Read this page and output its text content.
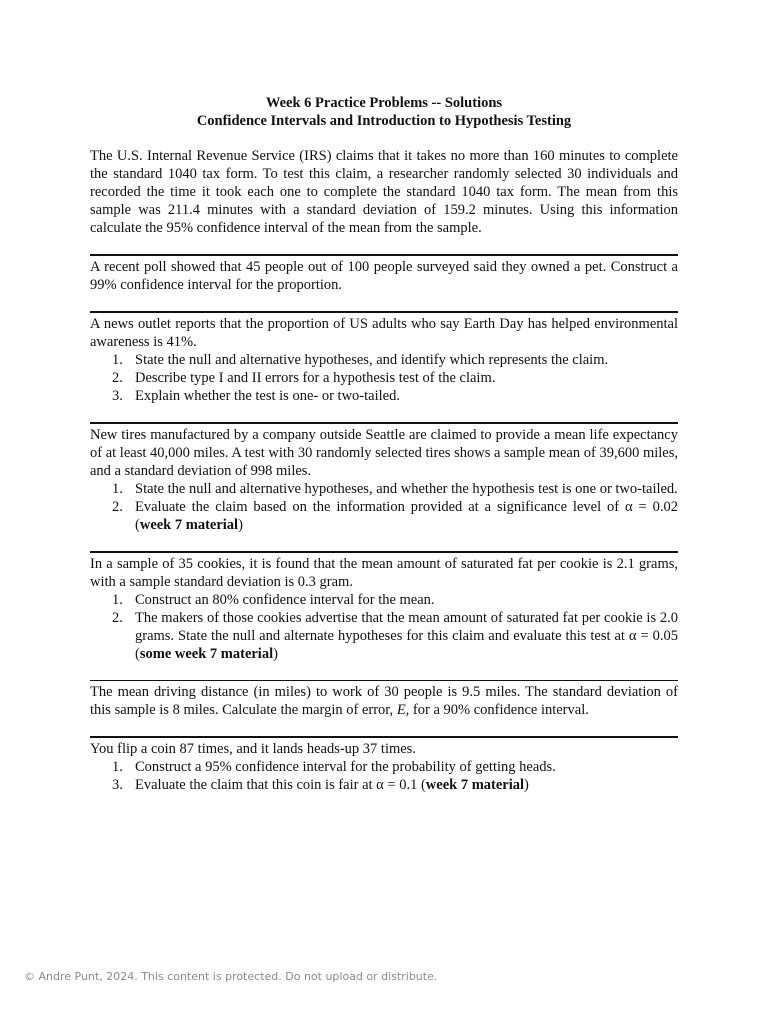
Week 6 Practice Problems -- Solutions

Confidence Intervals and Introduction to Hypothesis Testing

The U.S. Internal Revenue Service (IRS) claims that it takes no more than 160 minutes to complete the standard 1040 tax form. To test this claim, a researcher randomly selected 30 individuals and recorded the time it took each one to complete the standard 1040 tax form. The mean from this sample was 211.4 minutes with a standard deviation of 159.2 minutes. Using this information calculate the 95% confidence interval of the mean from the sample.

A recent poll showed that 45 people out of 100 people surveyed said they owned a pet. Construct a 99% confidence interval for the proportion.

A news outlet reports that the proportion of US adults who say Earth Day has helped environmental awareness is 41%.

1. State the null and alternative hypotheses, and identify which represents the claim.
2. Describe type I and II errors for a hypothesis test of the claim.
3. Explain whether the test is one- or two-tailed.

New tires manufactured by a company outside Seattle are claimed to provide a mean life expectancy of at least 40,000 miles. A test with 30 randomly selected tires shows a sample mean of 39,600 miles, and a standard deviation of 998 miles.

1. State the null and alternative hypotheses, and whether the hypothesis test is one or two-tailed.
2. Evaluate the claim based on the information provided at a significance level of α = 0.02 (week 7 material)

In a sample of 35 cookies, it is found that the mean amount of saturated fat per cookie is 2.1 grams, with a sample standard deviation is 0.3 gram.

1. Construct an 80% confidence interval for the mean.
2. The makers of those cookies advertise that the mean amount of saturated fat per cookie is 2.0 grams. State the null and alternate hypotheses for this claim and evaluate this test at α = 0.05 (some week 7 material)

The mean driving distance (in miles) to work of 30 people is 9.5 miles. The standard deviation of this sample is 8 miles. Calculate the margin of error, E, for a 90% confidence interval.

You flip a coin 87 times, and it lands heads-up 37 times.

1. Construct a 95% confidence interval for the probability of getting heads.
3. Evaluate the claim that this coin is fair at α = 0.1 (week 7 material)
© Andre Punt, 2024. This content is protected. Do not upload or distribute.
